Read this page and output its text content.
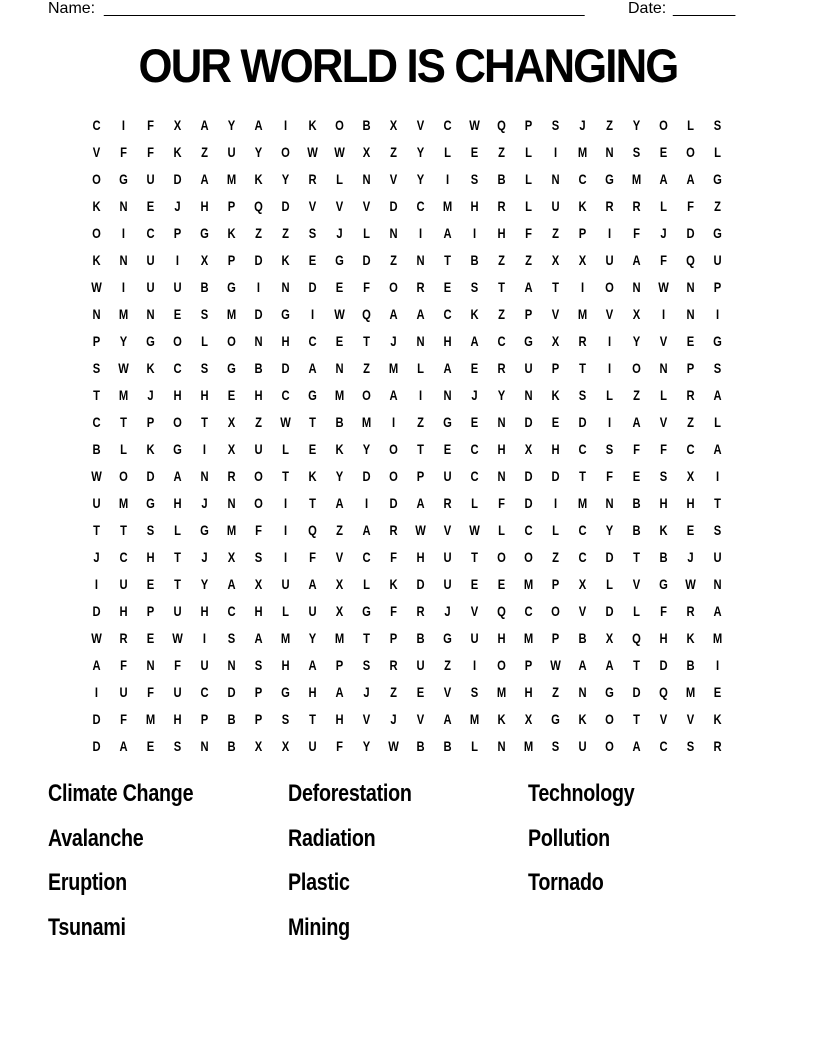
Name: ______________________________________________________	Date: _______
OUR WORLD IS CHANGING
C	I	F	X	A	Y	A	I	K	O	B	X	V	C	W	Q	P	S	J	Z	Y	O	L	S
V	F	F	K	Z	U	Y	O	W	W	X	Z	Y	L	E	Z	L	I	M	N	S	E	O	L
O	G	U	D	A	M	K	Y	R	L	N	V	Y	I	S	B	L	N	C	G	M	A	A	G
K	N	E	J	H	P	Q	D	V	V	V	D	C	M	H	R	L	U	K	R	R	L	F	Z
O	I	C	P	G	K	Z	Z	S	J	L	N	I	A	I	H	F	Z	P	I	F	J	D	G
K	N	U	I	X	P	D	K	E	G	D	Z	N	T	B	Z	Z	X	X	U	A	F	Q	U
W	I	U	U	B	G	I	N	D	E	F	O	R	E	S	T	A	T	I	O	N	W	N	P
N	M	N	E	S	M	D	G	I	W	Q	A	A	C	K	Z	P	V	M	V	X	I	N	I
P	Y	G	O	L	O	N	H	C	E	T	J	N	H	A	C	G	X	R	I	Y	V	E	G
S	W	K	C	S	G	B	D	A	N	Z	M	L	A	E	R	U	P	T	I	O	N	P	S
T	M	J	H	H	E	H	C	G	M	O	A	I	N	J	Y	N	K	S	L	Z	L	R	A
C	T	P	O	T	X	Z	W	T	B	M	I	Z	G	E	N	D	E	D	I	A	V	Z	L
B	L	K	G	I	X	U	L	E	K	Y	O	T	E	C	H	X	H	C	S	F	F	C	A
W	O	D	A	N	R	O	T	K	Y	D	O	P	U	C	N	D	D	T	F	E	S	X	I
U	M	G	H	J	N	O	I	T	A	I	D	A	R	L	F	D	I	M	N	B	H	H	T
T	T	S	L	G	M	F	I	Q	Z	A	R	W	V	W	L	C	L	C	Y	B	K	E	S
J	C	H	T	J	X	S	I	F	V	C	F	H	U	T	O	O	Z	C	D	T	B	J	U
I	U	E	T	Y	A	X	U	A	X	L	K	D	U	E	E	M	P	X	L	V	G	W	N
D	H	P	U	H	C	H	L	U	X	G	F	R	J	V	Q	C	O	V	D	L	F	R	A
W	R	E	W	I	S	A	M	Y	M	T	P	B	G	U	H	M	P	B	X	Q	H	K	M
A	F	N	F	U	N	S	H	A	P	S	R	U	Z	I	O	P	W	A	A	T	D	B	I
I	U	F	U	C	D	P	G	H	A	J	Z	E	V	S	M	H	Z	N	G	D	Q	M	E
D	F	M	H	P	B	P	S	T	H	V	J	V	A	M	K	X	G	K	O	T	V	V	K
D	A	E	S	N	B	X	X	U	F	Y	W	B	B	L	N	M	S	U	O	A	C	S	R
Climate Change	Deforestation	Technology
Avalanche	Radiation	Pollution
Eruption	Plastic	Tornado
Tsunami	Mining
